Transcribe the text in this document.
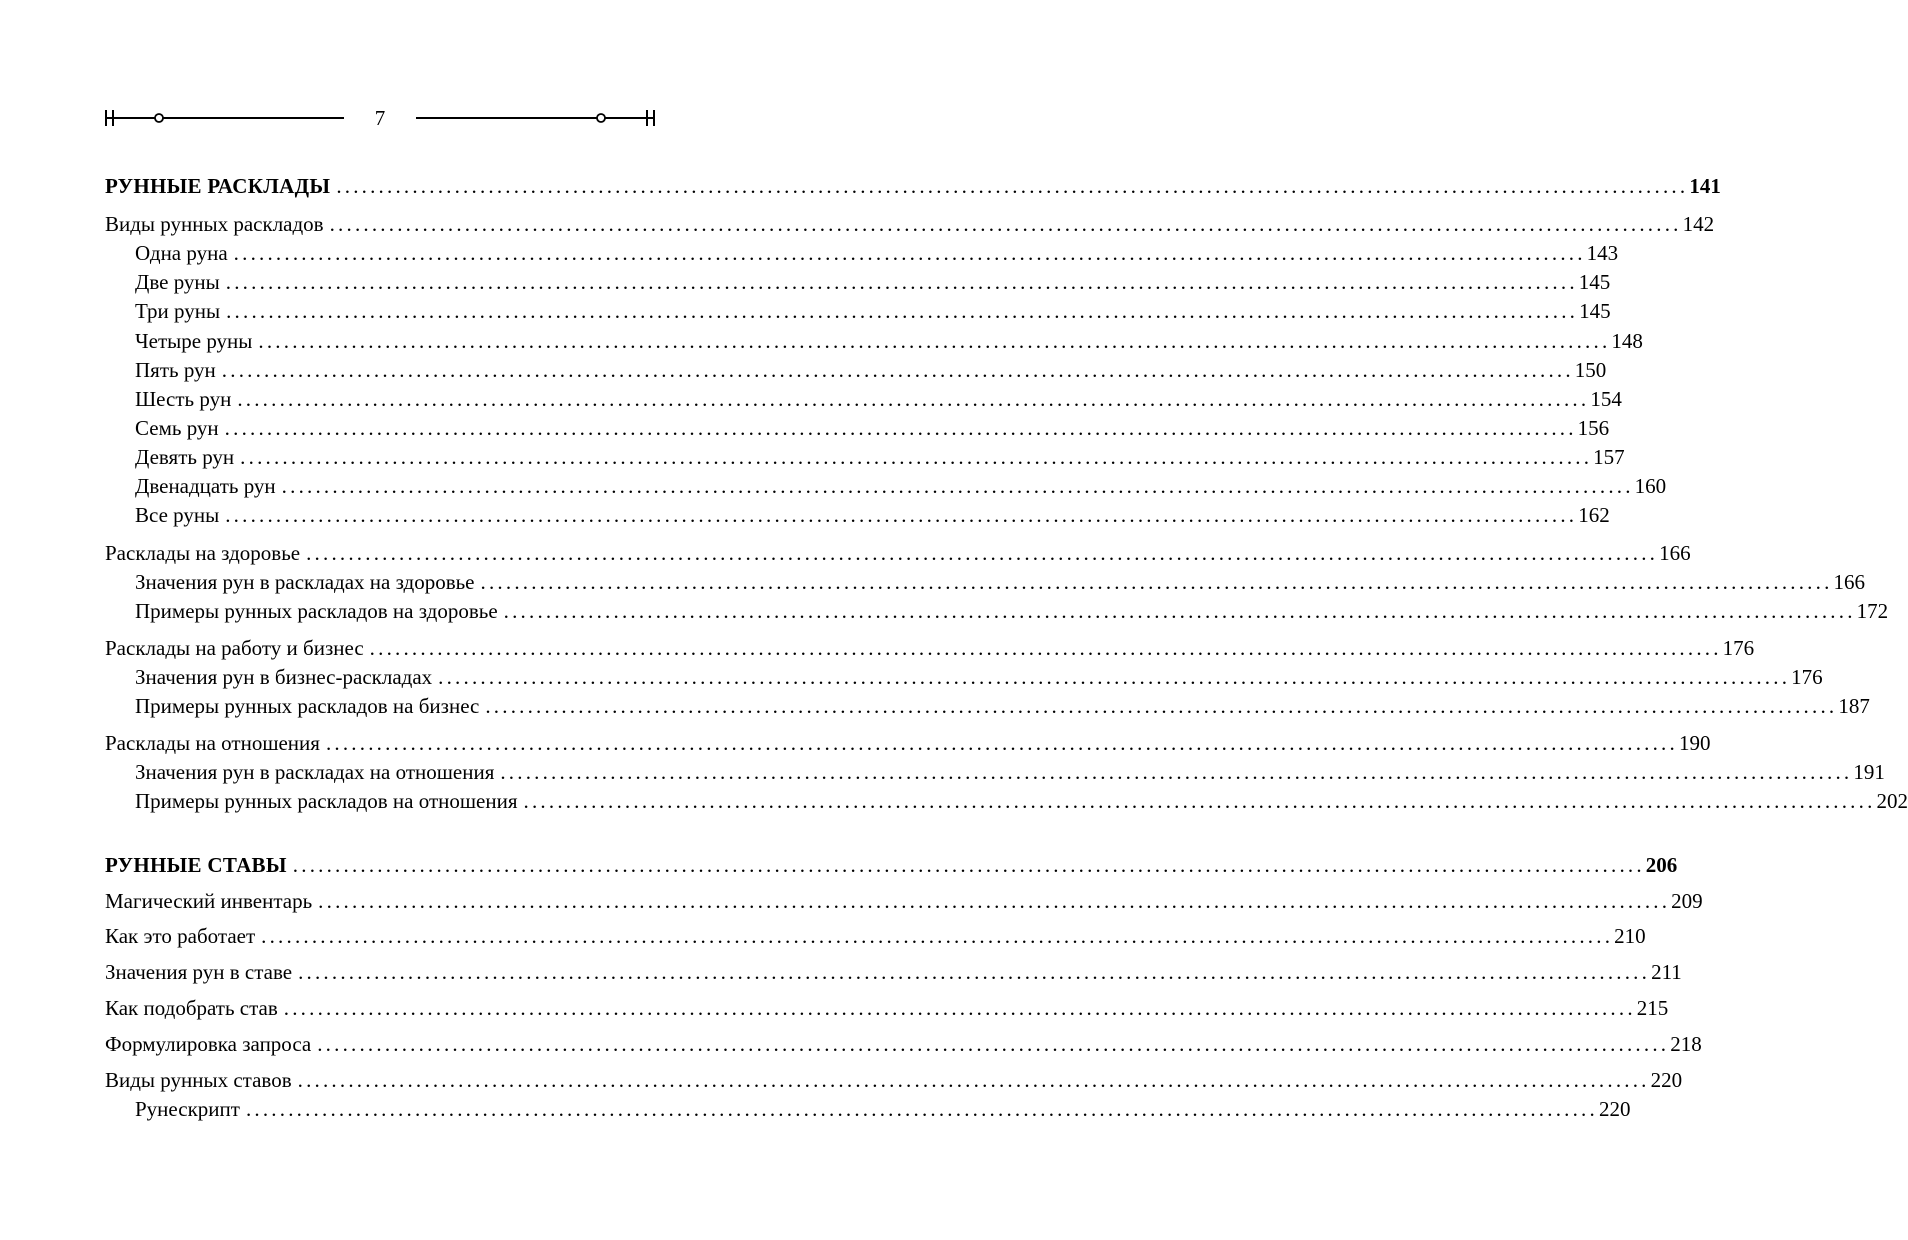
7
РУННЫЕ РАСКЛАДЫ ................................................................................................................................................................ 141
Виды рунных раскладов ................................................................................................................................................................ 142
Одна руна ................................................................................................................................................................ 143
Две руны ................................................................................................................................................................ 145
Три руны ................................................................................................................................................................ 145
Четыре руны ................................................................................................................................................................ 148
Пять рун ................................................................................................................................................................ 150
Шесть рун ................................................................................................................................................................ 154
Семь рун ................................................................................................................................................................ 156
Девять рун ................................................................................................................................................................ 157
Двенадцать рун ................................................................................................................................................................ 160
Все руны ................................................................................................................................................................ 162
Расклады на здоровье ................................................................................................................................................................ 166
Значения рун в раскладах на здоровье ................................................................................................................................................................ 166
Примеры рунных раскладов на здоровье ................................................................................................................................................................ 172
Расклады на работу и бизнес ................................................................................................................................................................ 176
Значения рун в бизнес-раскладах ................................................................................................................................................................ 176
Примеры рунных раскладов на бизнес ................................................................................................................................................................ 187
Расклады на отношения ................................................................................................................................................................ 190
Значения рун в раскладах на отношения ................................................................................................................................................................ 191
Примеры рунных раскладов на отношения ................................................................................................................................................................ 202
РУННЫЕ СТАВЫ ................................................................................................................................................................ 206
Магический инвентарь ................................................................................................................................................................ 209
Как это работает ................................................................................................................................................................ 210
Значения рун в ставе ................................................................................................................................................................ 211
Как подобрать став ................................................................................................................................................................ 215
Формулировка запроса ................................................................................................................................................................ 218
Виды рунных ставов ................................................................................................................................................................ 220
Рунескрипт ................................................................................................................................................................ 220
